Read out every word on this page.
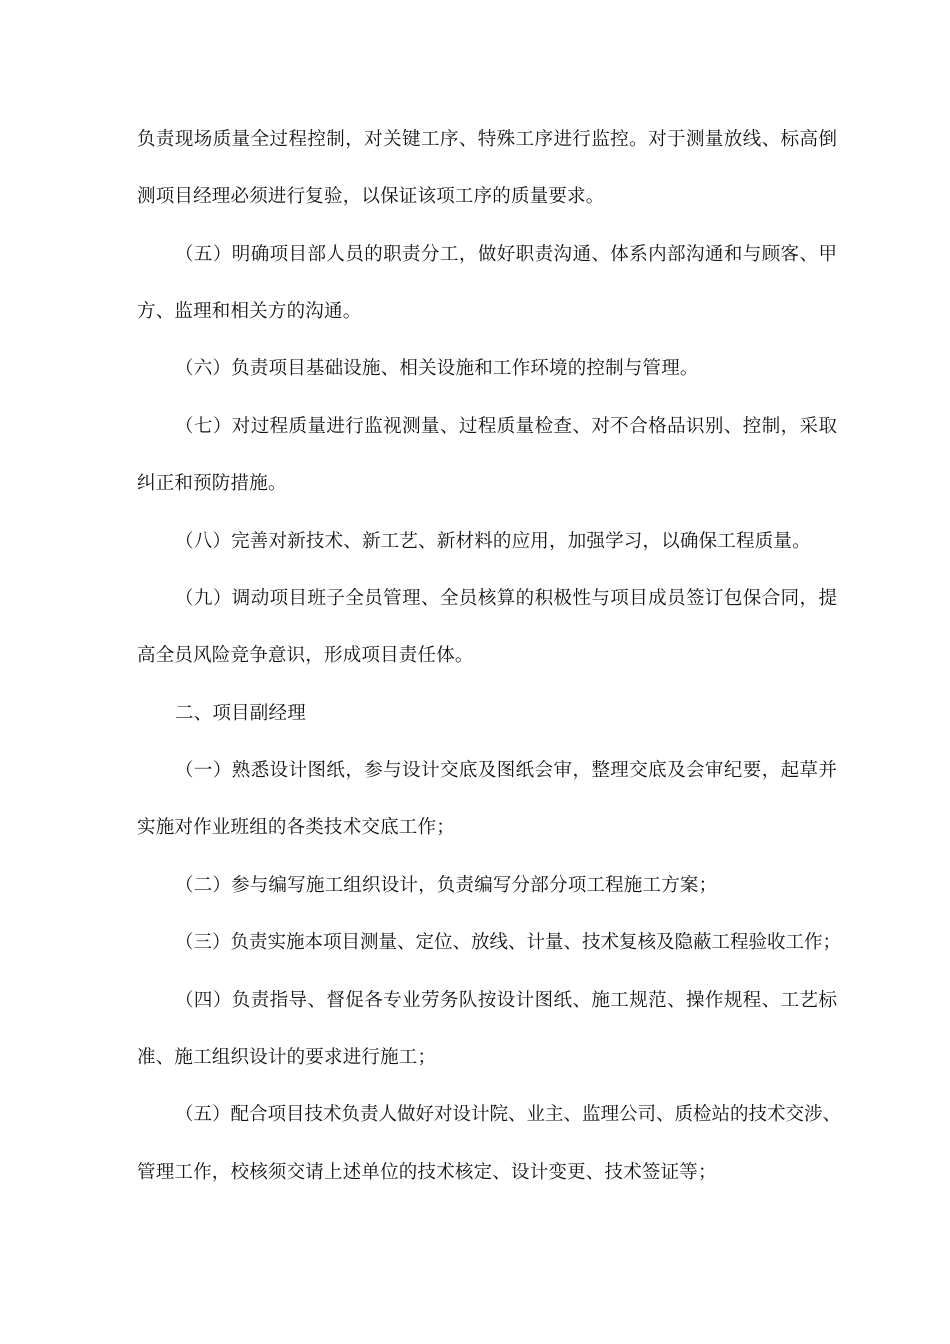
负责现场质量全过程控制，对关键工序、特殊工序进行监控。对于测量放线、标高倒
测项目经理必须进行复验，以保证该项工序的质量要求。
（五）明确项目部人员的职责分工，做好职责沟通、体系内部沟通和与顾客、甲
方、监理和相关方的沟通。
（六）负责项目基础设施、相关设施和工作环境的控制与管理。
（七）对过程质量进行监视测量、过程质量检查、对不合格品识别、控制，采取
纠正和预防措施。
（八）完善对新技术、新工艺、新材料的应用，加强学习，以确保工程质量。
（九）调动项目班子全员管理、全员核算的积极性与项目成员签订包保合同，提
高全员风险竞争意识，形成项目责任体。
二、项目副经理
（一）熟悉设计图纸，参与设计交底及图纸会审，整理交底及会审纪要，起草并
实施对作业班组的各类技术交底工作；
（二）参与编写施工组织设计，负责编写分部分项工程施工方案；
（三）负责实施本项目测量、定位、放线、计量、技术复核及隐蔽工程验收工作；
（四）负责指导、督促各专业劳务队按设计图纸、施工规范、操作规程、工艺标
准、施工组织设计的要求进行施工；
（五）配合项目技术负责人做好对设计院、业主、监理公司、质检站的技术交涉、
管理工作，校核须交请上述单位的技术核定、设计变更、技术签证等；
